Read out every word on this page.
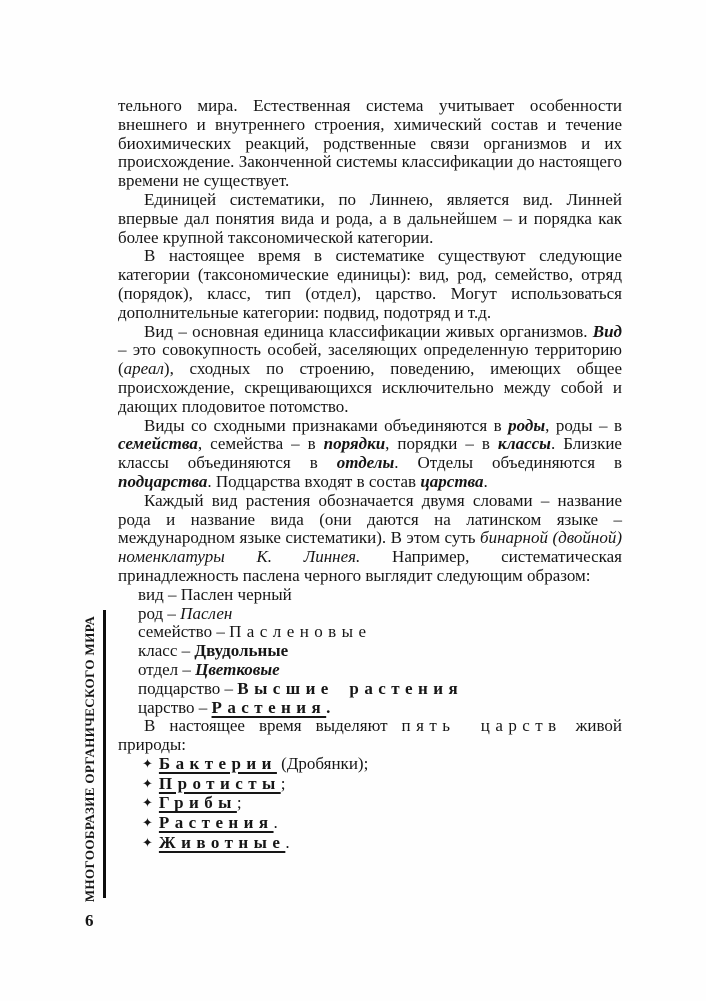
тельного мира. Естественная система учитывает особенности внешнего и внутреннего строения, химический состав и течение биохимических реакций, родственные связи организмов и их происхождение. Законченной системы классификации до настоящего времени не существует.
Единицей систематики, по Линнею, является вид. Линней впервые дал понятия вида и рода, а в дальнейшем – и порядка как более крупной таксономической категории.
В настоящее время в систематике существуют следующие категории (таксономические единицы): вид, род, семейство, отряд (порядок), класс, тип (отдел), царство. Могут использоваться дополнительные категории: подвид, подотряд и т.д.
Вид – основная единица классификации живых организмов. Вид – это совокупность особей, заселяющих определенную территорию (ареал), сходных по строению, поведению, имеющих общее происхождение, скрещивающихся исключительно между собой и дающих плодовитое потомство.
Виды со сходными признаками объединяются в роды, роды – в семейства, семейства – в порядки, порядки – в классы. Близкие классы объединяются в отделы. Отделы объединяются в подцарства. Подцарства входят в состав царства.
Каждый вид растения обозначается двумя словами – название рода и название вида (они даются на латинском языке – международном языке систематики). В этом суть бинарной (двойной) номенклатуры К. Линнея. Например, систематическая принадлежность паслена черного выглядит следующим образом:
вид – Паслен черный
род – Паслен
семейство – Пасленовые
класс – Двудольные
отдел – Цветковые
подцарство – Высшие растения
царство – Растения.
В настоящее время выделяют пять царств живой природы:
✦ Бактерии (Дробянки);
✦ Протисты;
✦ Грибы;
✦ Растения.
✦ Животные.
МНОГООБРАЗИЕ ОРГАНИЧЕСКОГО МИРА
6
